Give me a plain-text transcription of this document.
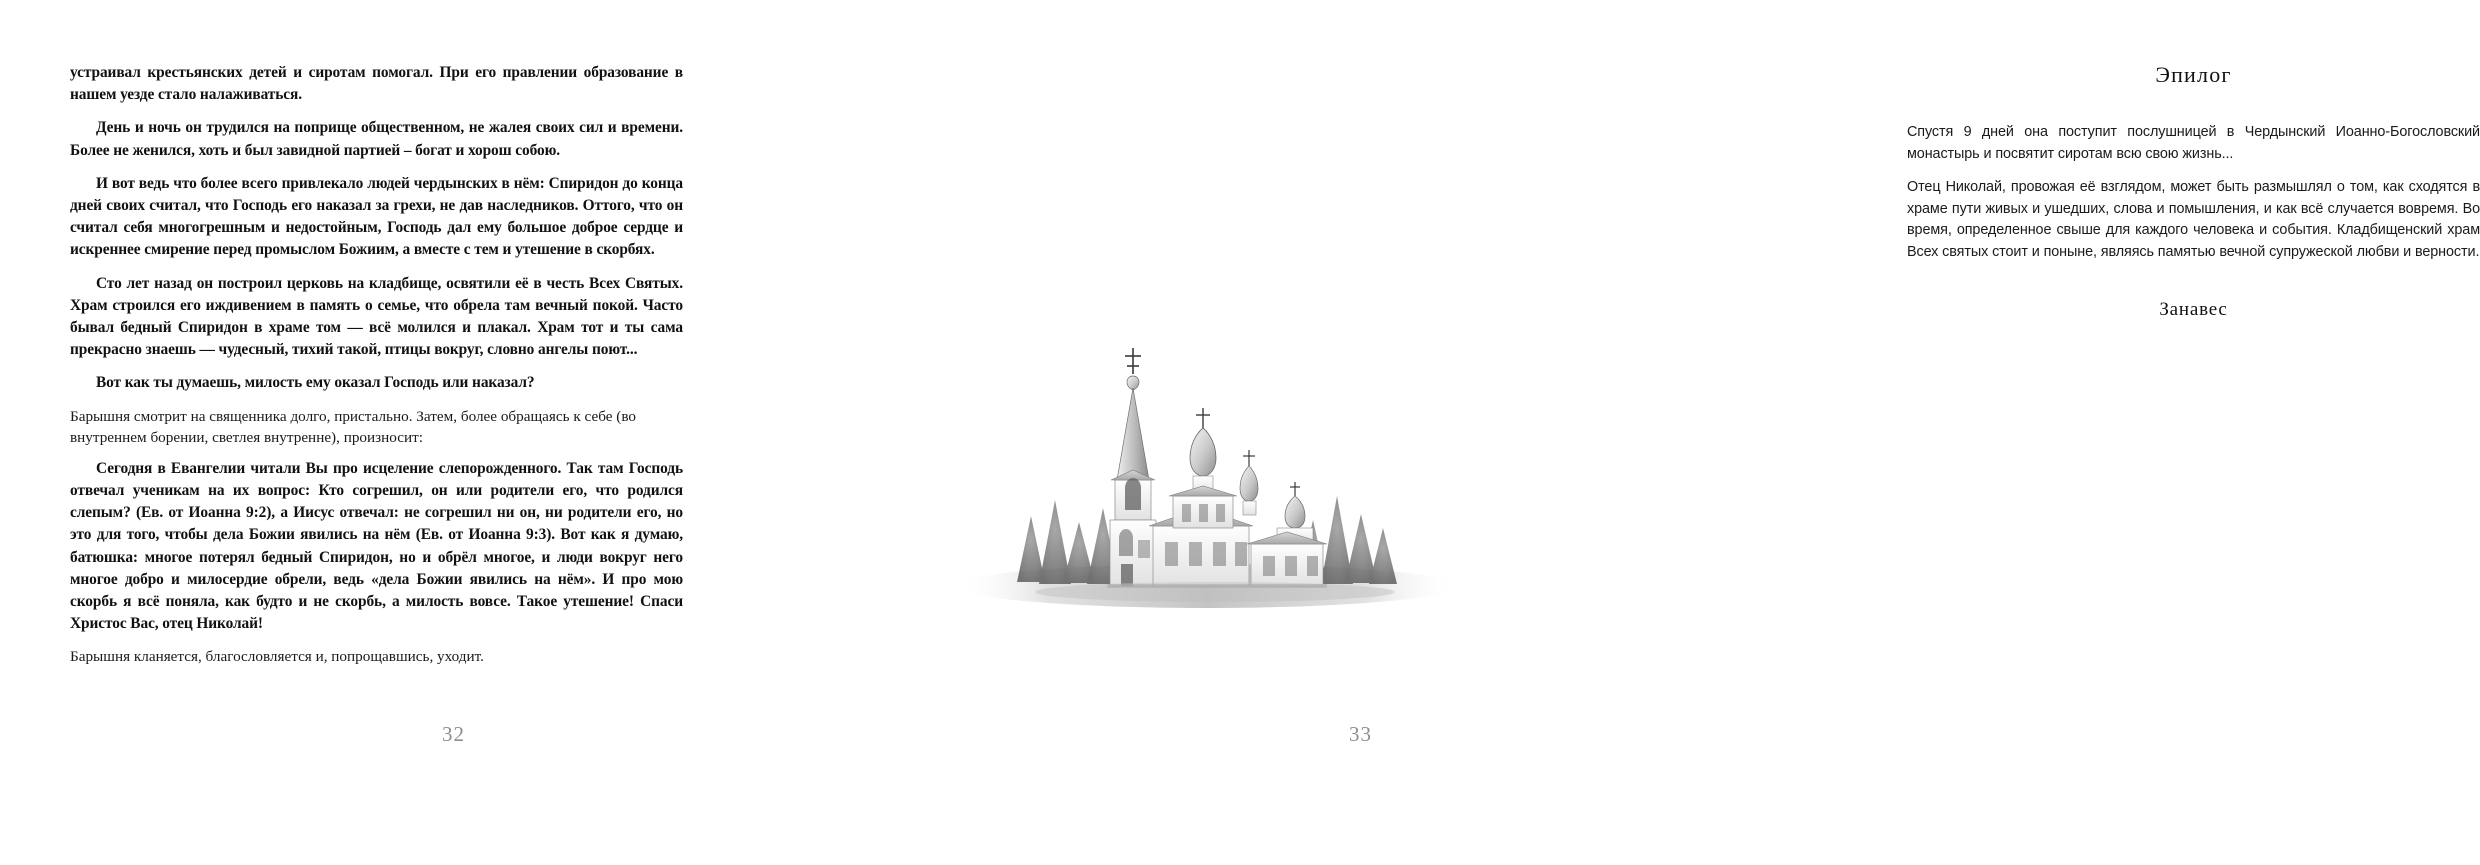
устраивал крестьянских детей и сиротам помогал. При его правлении образование в нашем уезде стало налаживаться.

День и ночь он трудился на поприще общественном, не жалея своих сил и времени. Более не женился, хоть и был завидной партией – богат и хорош собою.

И вот ведь что более всего привлекало людей чердынских в нём: Спиридон до конца дней своих считал, что Господь его наказал за грехи, не дав наследников. Оттого, что он считал себя многогрешным и недостойным, Господь дал ему большое доброе сердце и искреннее смирение перед промыслом Божиим, а вместе с тем и утешение в скорбях.

Сто лет назад он построил церковь на кладбище, освятили её в честь Всех Святых. Храм строился его иждивением в память о семье, что обрела там вечный покой. Часто бывал бедный Спиридон в храме том — всё молился и плакал. Храм тот и ты сама прекрасно знаешь — чудесный, тихий такой, птицы вокруг, словно ангелы поют...

Вот как ты думаешь, милость ему оказал Господь или наказал?

Барышня смотрит на священника долго, пристально. Затем, более обращаясь к себе (во внутреннем борении, светлея внутренне), произносит:

Сегодня в Евангелии читали Вы про исцеление слепорожденного. Так там Господь отвечал ученикам на их вопрос: Кто согрешил, он или родители его, что родился слепым? (Ев. от Иоанна 9:2), а Иисус отвечал: не согрешил ни он, ни родители его, но это для того, чтобы дела Божии явились на нём (Ев. от Иоанна 9:3). Вот как я думаю, батюшка: многое потерял бедный Спиридон, но и обрёл многое, и люди вокруг него многое добро и милосердие обрели, ведь «дела Божии явились на нём». И про мою скорбь я всё поняла, как будто и не скорбь, а милость вовсе. Такое утешение! Спаси Христос Вас, отец Николай!

Барышня кланяется, благословляется и, попрощавшись, уходит.

32
Эпилог

Спустя 9 дней она поступит послушницей в Чердынский Иоанно-Богословский монастырь и посвятит сиротам всю свою жизнь...

Отец Николай, провожая её взглядом, может быть размышлял о том, как сходятся в храме пути живых и ушедших, слова и помышления, и как всё случается вовремя. Во время, определенное свыше для каждого человека и события. Кладбищенский храм Всех святых стоит и поныне, являясь памятью вечной супружеской любви и верности.

Занавес

33
